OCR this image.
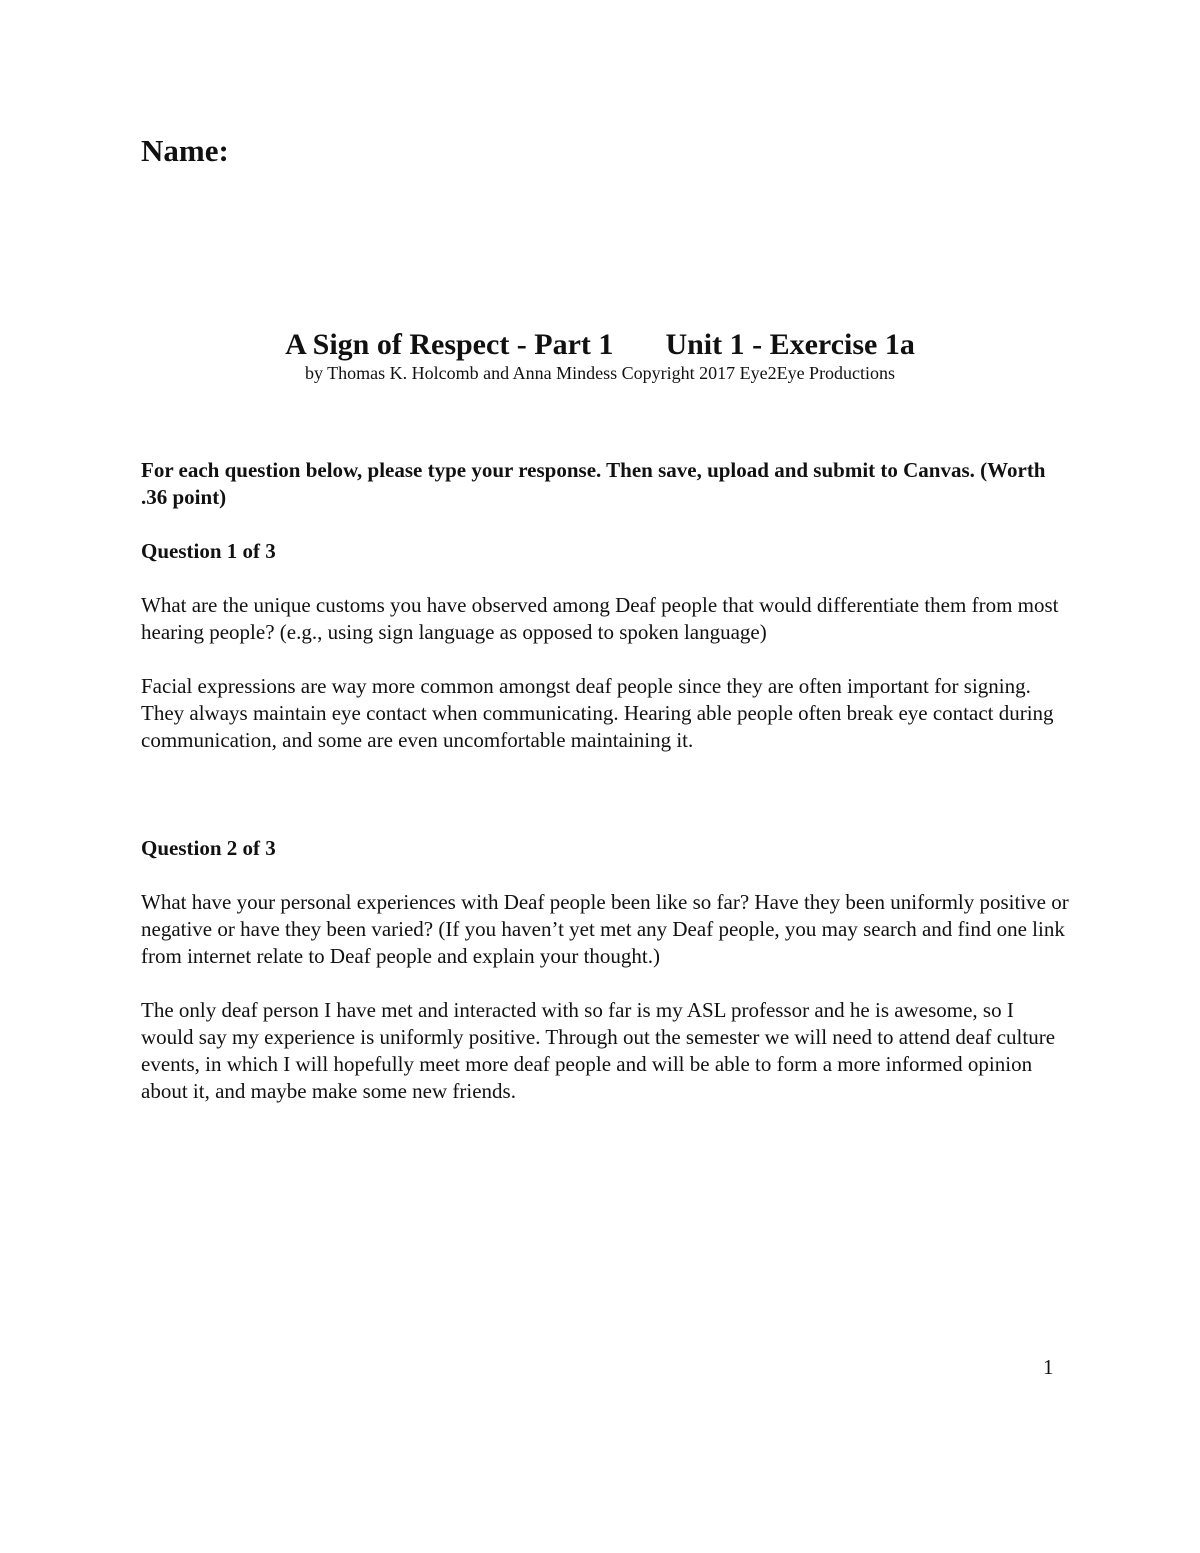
Name:

A Sign of Respect - Part 1 Unit 1 - Exercise 1a

by Thomas K. Holcomb and Anna Mindess Copyright 2017 Eye2Eye Productions

For each question below, please type your response. Then save, upload and submit to Canvas. (Worth .36 point)

Question 1 of 3

What are the unique customs you have observed among Deaf people that would differentiate them from most hearing people? (e.g., using sign language as opposed to spoken language)

Facial expressions are way more common amongst deaf people since they are often important for signing. They always maintain eye contact when communicating. Hearing able people often break eye contact during communication, and some are even uncomfortable maintaining it.

Question 2 of 3

What have your personal experiences with Deaf people been like so far? Have they been uniformly positive or negative or have they been varied? (If you haven’t yet met any Deaf people, you may search and find one link from internet relate to Deaf people and explain your thought.)

The only deaf person I have met and interacted with so far is my ASL professor and he is awesome, so I would say my experience is uniformly positive. Through out the semester we will need to attend deaf culture events, in which I will hopefully meet more deaf people and will be able to form a more informed opinion about it, and maybe make some new friends.

1
